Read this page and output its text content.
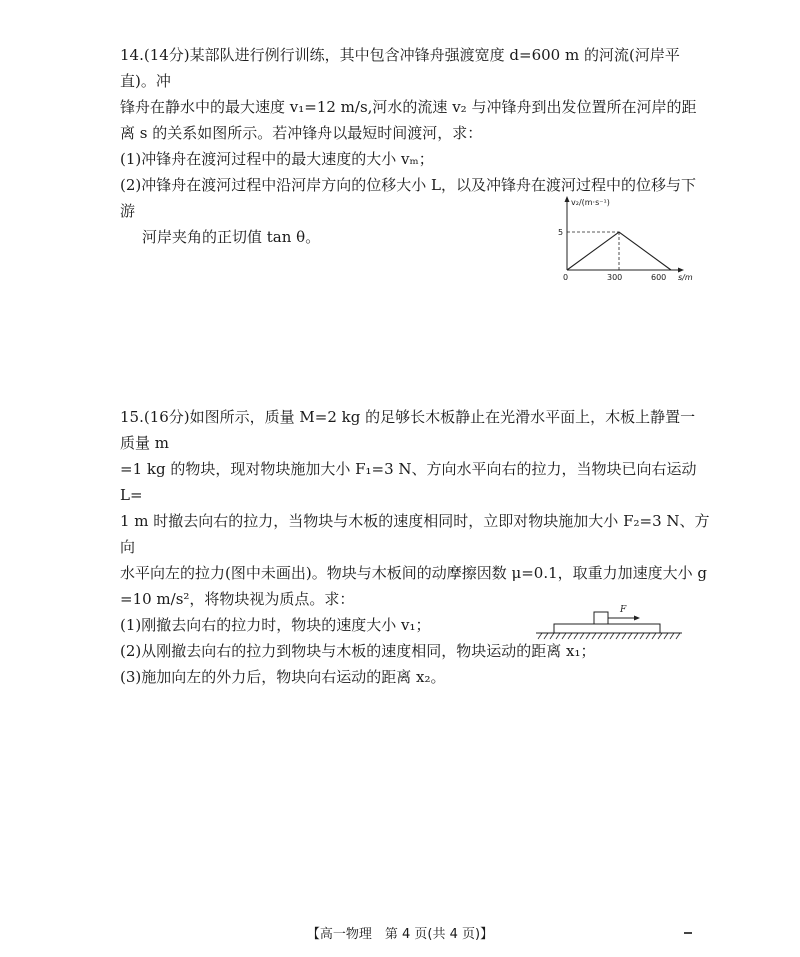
14.(14分)某部队进行例行训练，其中包含冲锋舟强渡宽度 d=600 m 的河流(河岸平直)。冲

锋舟在静水中的最大速度 v₁=12 m/s,河水的流速 v₂ 与冲锋舟到出发位置所在河岸的距

离 s 的关系如图所示。若冲锋舟以最短时间渡河，求：

(1)冲锋舟在渡河过程中的最大速度的大小 vₘ；

(2)冲锋舟在渡河过程中沿河岸方向的位移大小 L，以及冲锋舟在渡河过程中的位移与下游

河岸夹角的正切值 tan θ。

v₂/(m·s⁻¹)
5
0	300	600 s/m

15.(16分)如图所示，质量 M=2 kg 的足够长木板静止在光滑水平面上，木板上静置一质量 m

=1 kg 的物块，现对物块施加大小 F₁=3 N、方向水平向右的拉力，当物块已向右运动 L=

1 m 时撤去向右的拉力，当物块与木板的速度相同时，立即对物块施加大小 F₂=3 N、方向

水平向左的拉力(图中未画出)。物块与木板间的动摩擦因数 μ=0.1，取重力加速度大小 g

=10 m/s²，将物块视为质点。求：

(1)刚撤去向右的拉力时，物块的速度大小 v₁；

(2)从刚撤去向右的拉力到物块与木板的速度相同，物块运动的距离 x₁；

(3)施加向左的外力后，物块向右运动的距离 x₂。

F
【高一物理　第 4 页(共 4 页)】
